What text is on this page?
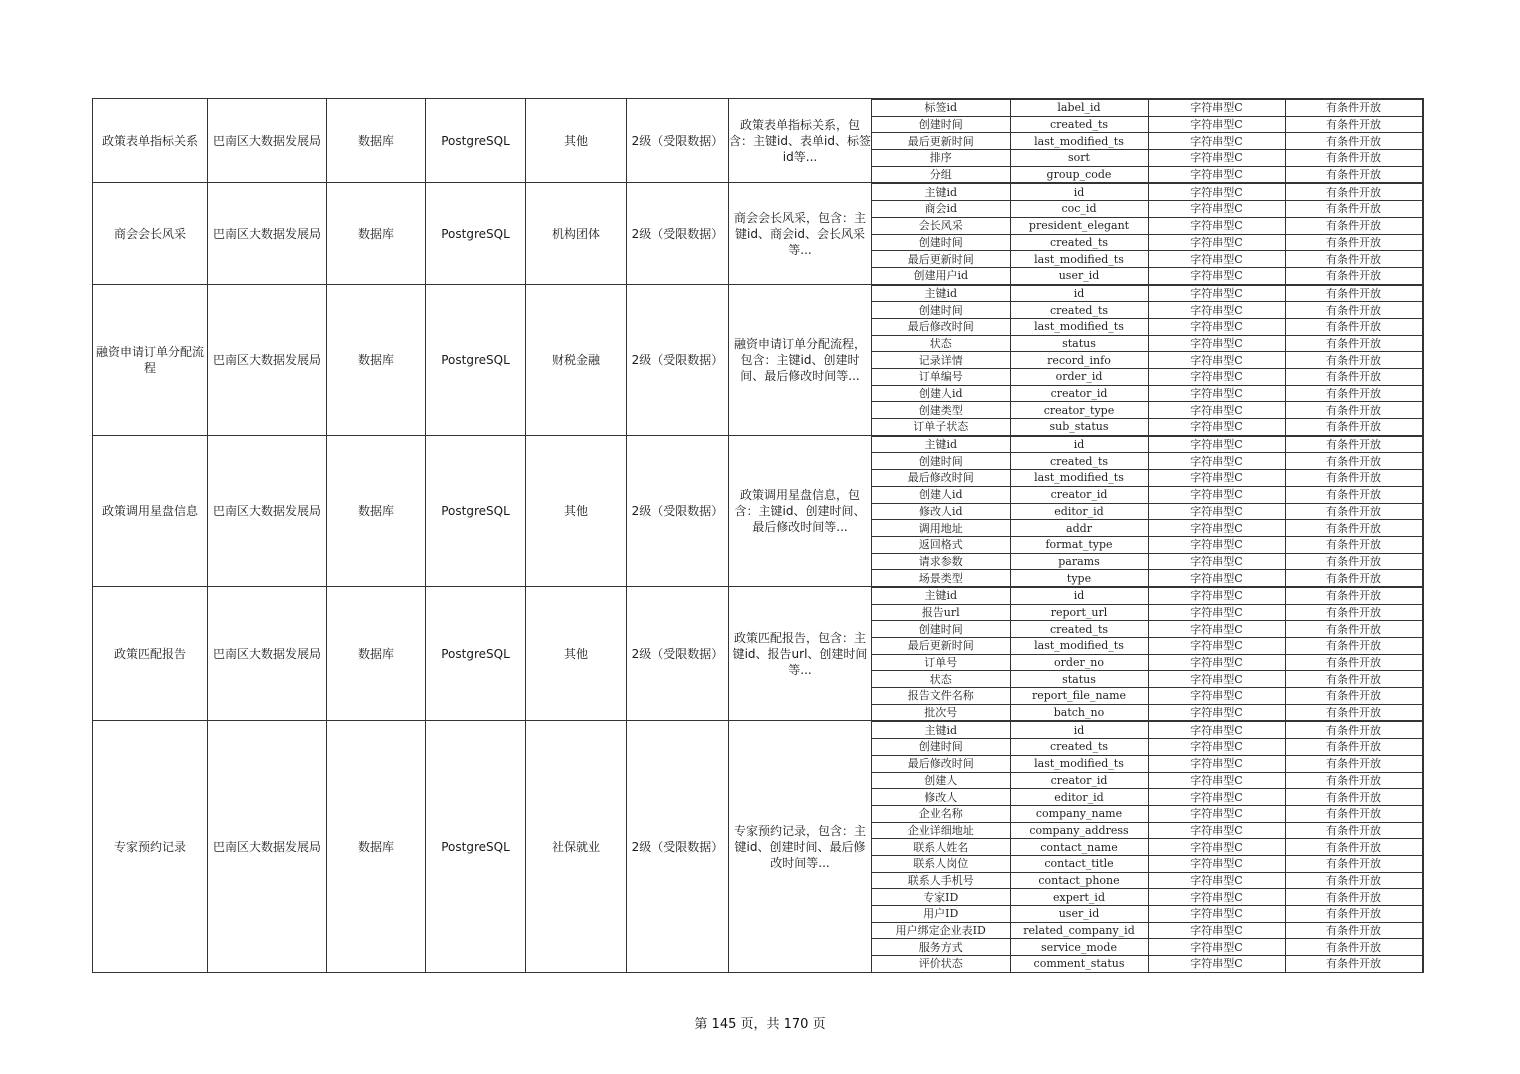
政策表单指标关系	巴南区大数据发展局	数据库	PostgreSQL	其他	2级（受限数据）	政策表单指标关系，包含：主键id、表单id、标签id等...	
标签id	label_id	字符串型C	有条件开放
创建时间	created_ts	字符串型C	有条件开放
最后更新时间	last_modified_ts	字符串型C	有条件开放
排序	sort	字符串型C	有条件开放
分组	group_code	字符串型C	有条件开放

商会会长风采	巴南区大数据发展局	数据库	PostgreSQL	机构团体	2级（受限数据）	商会会长风采，包含：主键id、商会id、会长风采等...	
主键id	id	字符串型C	有条件开放
商会id	coc_id	字符串型C	有条件开放
会长风采	president_elegant	字符串型C	有条件开放
创建时间	created_ts	字符串型C	有条件开放
最后更新时间	last_modified_ts	字符串型C	有条件开放
创建用户id	user_id	字符串型C	有条件开放

融资申请订单分配流程	巴南区大数据发展局	数据库	PostgreSQL	财税金融	2级（受限数据）	融资申请订单分配流程，包含：主键id、创建时间、最后修改时间等...	
主键id	id	字符串型C	有条件开放
创建时间	created_ts	字符串型C	有条件开放
最后修改时间	last_modified_ts	字符串型C	有条件开放
状态	status	字符串型C	有条件开放
记录详情	record_info	字符串型C	有条件开放
订单编号	order_id	字符串型C	有条件开放
创建人id	creator_id	字符串型C	有条件开放
创建类型	creator_type	字符串型C	有条件开放
订单子状态	sub_status	字符串型C	有条件开放

政策调用星盘信息	巴南区大数据发展局	数据库	PostgreSQL	其他	2级（受限数据）	政策调用星盘信息，包含：主键id、创建时间、最后修改时间等...	
主键id	id	字符串型C	有条件开放
创建时间	created_ts	字符串型C	有条件开放
最后修改时间	last_modified_ts	字符串型C	有条件开放
创建人id	creator_id	字符串型C	有条件开放
修改人id	editor_id	字符串型C	有条件开放
调用地址	addr	字符串型C	有条件开放
返回格式	format_type	字符串型C	有条件开放
请求参数	params	字符串型C	有条件开放
场景类型	type	字符串型C	有条件开放

政策匹配报告	巴南区大数据发展局	数据库	PostgreSQL	其他	2级（受限数据）	政策匹配报告，包含：主键id、报告url、创建时间等...	
主键id	id	字符串型C	有条件开放
报告url	report_url	字符串型C	有条件开放
创建时间	created_ts	字符串型C	有条件开放
最后更新时间	last_modified_ts	字符串型C	有条件开放
订单号	order_no	字符串型C	有条件开放
状态	status	字符串型C	有条件开放
报告文件名称	report_file_name	字符串型C	有条件开放
批次号	batch_no	字符串型C	有条件开放

专家预约记录	巴南区大数据发展局	数据库	PostgreSQL	社保就业	2级（受限数据）	专家预约记录，包含：主键id、创建时间、最后修改时间等...	
主键id	id	字符串型C	有条件开放
创建时间	created_ts	字符串型C	有条件开放
最后修改时间	last_modified_ts	字符串型C	有条件开放
创建人	creator_id	字符串型C	有条件开放
修改人	editor_id	字符串型C	有条件开放
企业名称	company_name	字符串型C	有条件开放
企业详细地址	company_address	字符串型C	有条件开放
联系人姓名	contact_name	字符串型C	有条件开放
联系人岗位	contact_title	字符串型C	有条件开放
联系人手机号	contact_phone	字符串型C	有条件开放
专家ID	expert_id	字符串型C	有条件开放
用户ID	user_id	字符串型C	有条件开放
用户绑定企业表ID	related_company_id	字符串型C	有条件开放
服务方式	service_mode	字符串型C	有条件开放
评价状态	comment_status	字符串型C	有条件开放
第 145 页，共 170 页
